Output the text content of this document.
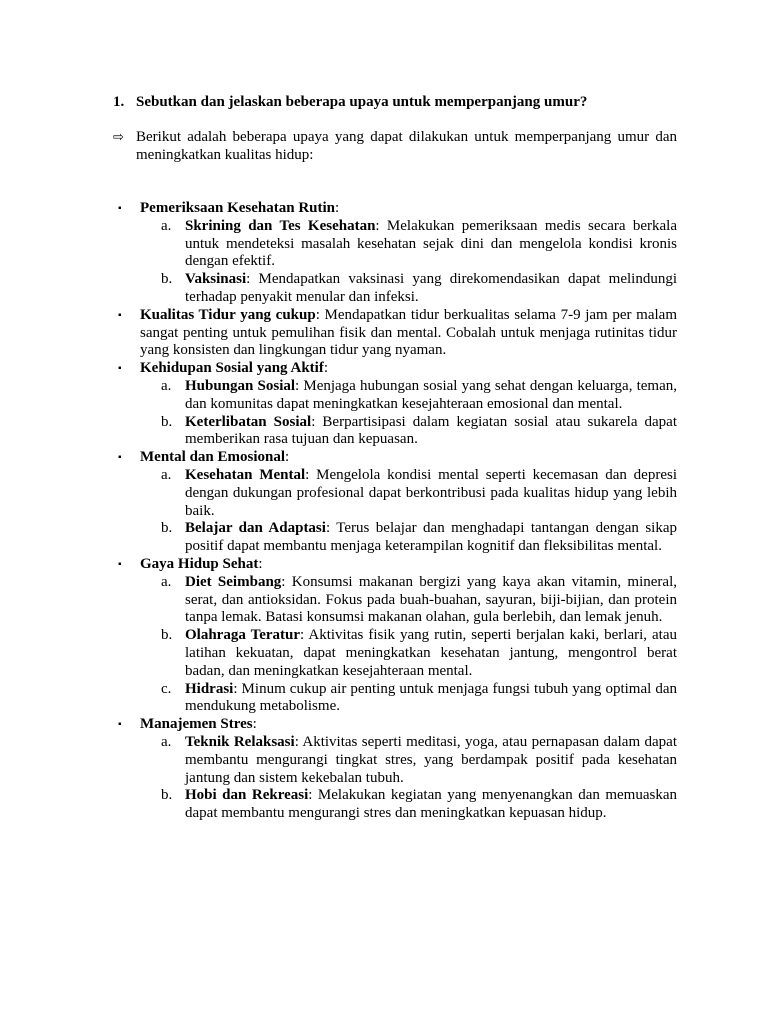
1. Sebutkan dan jelaskan beberapa upaya untuk memperpanjang umur?
⇨ Berikut adalah beberapa upaya yang dapat dilakukan untuk memperpanjang umur dan meningkatkan kualitas hidup:
▪	Pemeriksaan Kesehatan Rutin:
a. Skrining dan Tes Kesehatan: Melakukan pemeriksaan medis secara berkala untuk mendeteksi masalah kesehatan sejak dini dan mengelola kondisi kronis dengan efektif.
b. Vaksinasi: Mendapatkan vaksinasi yang direkomendasikan dapat melindungi terhadap penyakit menular dan infeksi.
▪	Kualitas Tidur yang cukup: Mendapatkan tidur berkualitas selama 7-9 jam per malam sangat penting untuk pemulihan fisik dan mental. Cobalah untuk menjaga rutinitas tidur yang konsisten dan lingkungan tidur yang nyaman.
▪	Kehidupan Sosial yang Aktif:
a. Hubungan Sosial: Menjaga hubungan sosial yang sehat dengan keluarga, teman, dan komunitas dapat meningkatkan kesejahteraan emosional dan mental.
b. Keterlibatan Sosial: Berpartisipasi dalam kegiatan sosial atau sukarela dapat memberikan rasa tujuan dan kepuasan.
▪	Mental dan Emosional:
a. Kesehatan Mental: Mengelola kondisi mental seperti kecemasan dan depresi dengan dukungan profesional dapat berkontribusi pada kualitas hidup yang lebih baik.
b. Belajar dan Adaptasi: Terus belajar dan menghadapi tantangan dengan sikap positif dapat membantu menjaga keterampilan kognitif dan fleksibilitas mental.
▪	Gaya Hidup Sehat:
a. Diet Seimbang: Konsumsi makanan bergizi yang kaya akan vitamin, mineral, serat, dan antioksidan. Fokus pada buah-buahan, sayuran, biji-bijian, dan protein tanpa lemak. Batasi konsumsi makanan olahan, gula berlebih, dan lemak jenuh.
b. Olahraga Teratur: Aktivitas fisik yang rutin, seperti berjalan kaki, berlari, atau latihan kekuatan, dapat meningkatkan kesehatan jantung, mengontrol berat badan, dan meningkatkan kesejahteraan mental.
c. Hidrasi: Minum cukup air penting untuk menjaga fungsi tubuh yang optimal dan mendukung metabolisme.
▪	Manajemen Stres:
a. Teknik Relaksasi: Aktivitas seperti meditasi, yoga, atau pernapasan dalam dapat membantu mengurangi tingkat stres, yang berdampak positif pada kesehatan jantung dan sistem kekebalan tubuh.
b. Hobi dan Rekreasi: Melakukan kegiatan yang menyenangkan dan memuaskan dapat membantu mengurangi stres dan meningkatkan kepuasan hidup.
